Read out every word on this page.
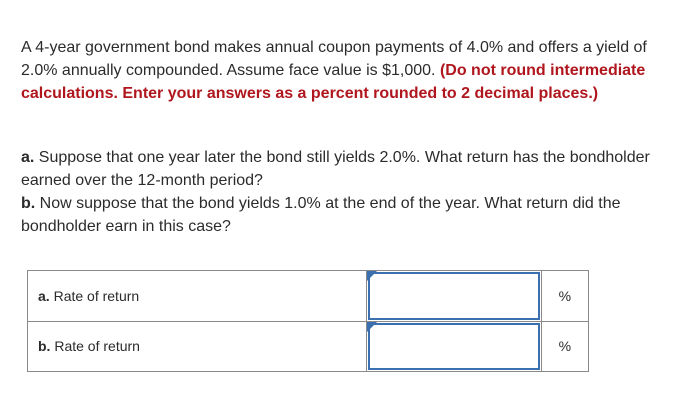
A 4-year government bond makes annual coupon payments of 4.0% and offers a yield of 2.0% annually compounded. Assume face value is $1,000. (Do not round intermediate calculations. Enter your answers as a percent rounded to 2 decimal places.)

a. Suppose that one year later the bond still yields 2.0%. What return has the bondholder earned over the 12-month period?

b. Now suppose that the bond yields 1.0% at the end of the year. What return did the bondholder earn in this case?

a. Rate of return		%
b. Rate of return		%
